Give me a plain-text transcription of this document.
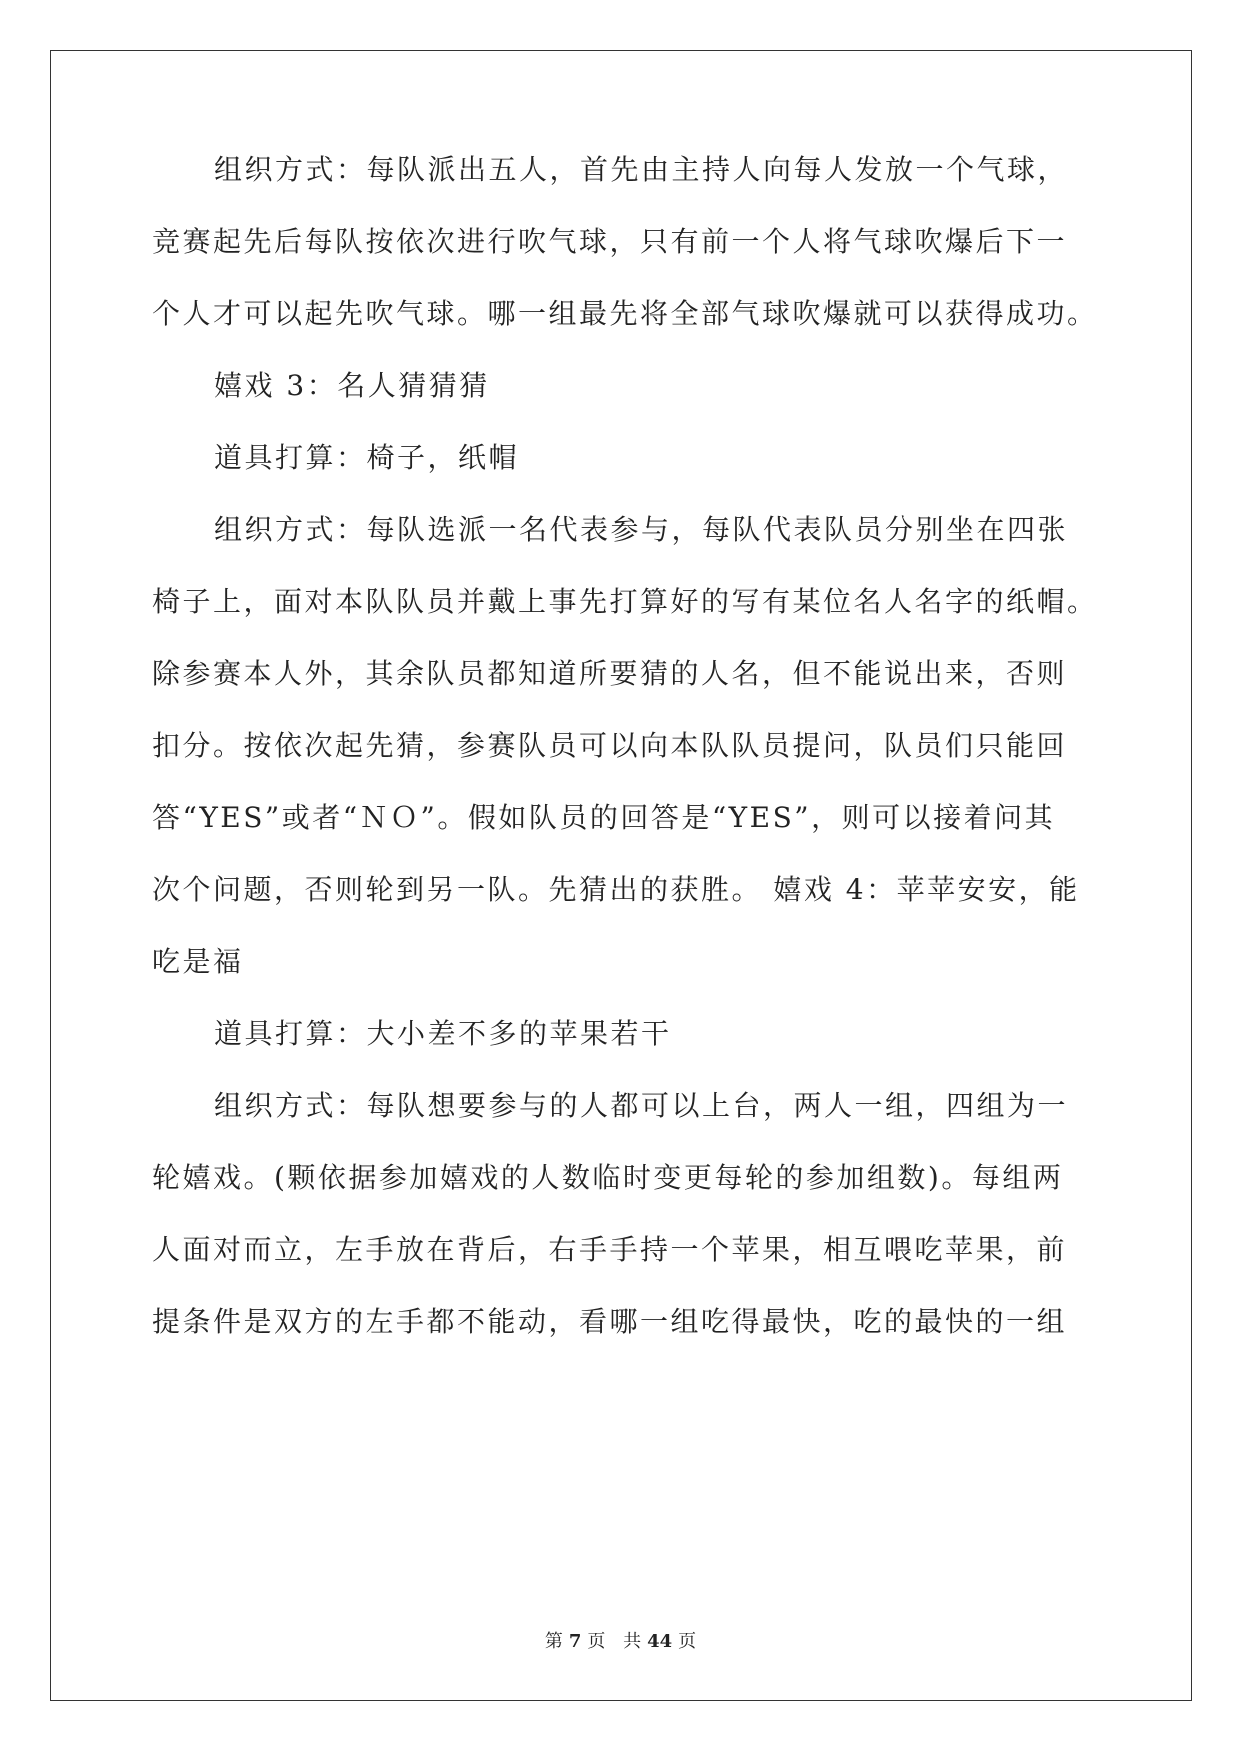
组织方式：每队派出五人，首先由主持人向每人发放一个气球，

竞赛起先后每队按依次进行吹气球，只有前一个人将气球吹爆后下一

个人才可以起先吹气球。哪一组最先将全部气球吹爆就可以获得成功。

嬉戏 3：名人猜猜猜

道具打算：椅子，纸帽

组织方式：每队选派一名代表参与，每队代表队员分别坐在四张

椅子上，面对本队队员并戴上事先打算好的写有某位名人名字的纸帽。

除参赛本人外，其余队员都知道所要猜的人名，但不能说出来，否则

扣分。按依次起先猜，参赛队员可以向本队队员提问，队员们只能回

答“YES”或者“ＮＯ”。假如队员的回答是“YES”，则可以接着问其

次个问题，否则轮到另一队。先猜出的获胜。 嬉戏 4：苹苹安安，能

吃是福

道具打算：大小差不多的苹果若干

组织方式：每队想要参与的人都可以上台，两人一组，四组为一

轮嬉戏。(颗依据参加嬉戏的人数临时变更每轮的参加组数)。每组两

人面对而立，左手放在背后，右手手持一个苹果，相互喂吃苹果，前

提条件是双方的左手都不能动，看哪一组吃得最快，吃的最快的一组

第 7 页 共 44 页
